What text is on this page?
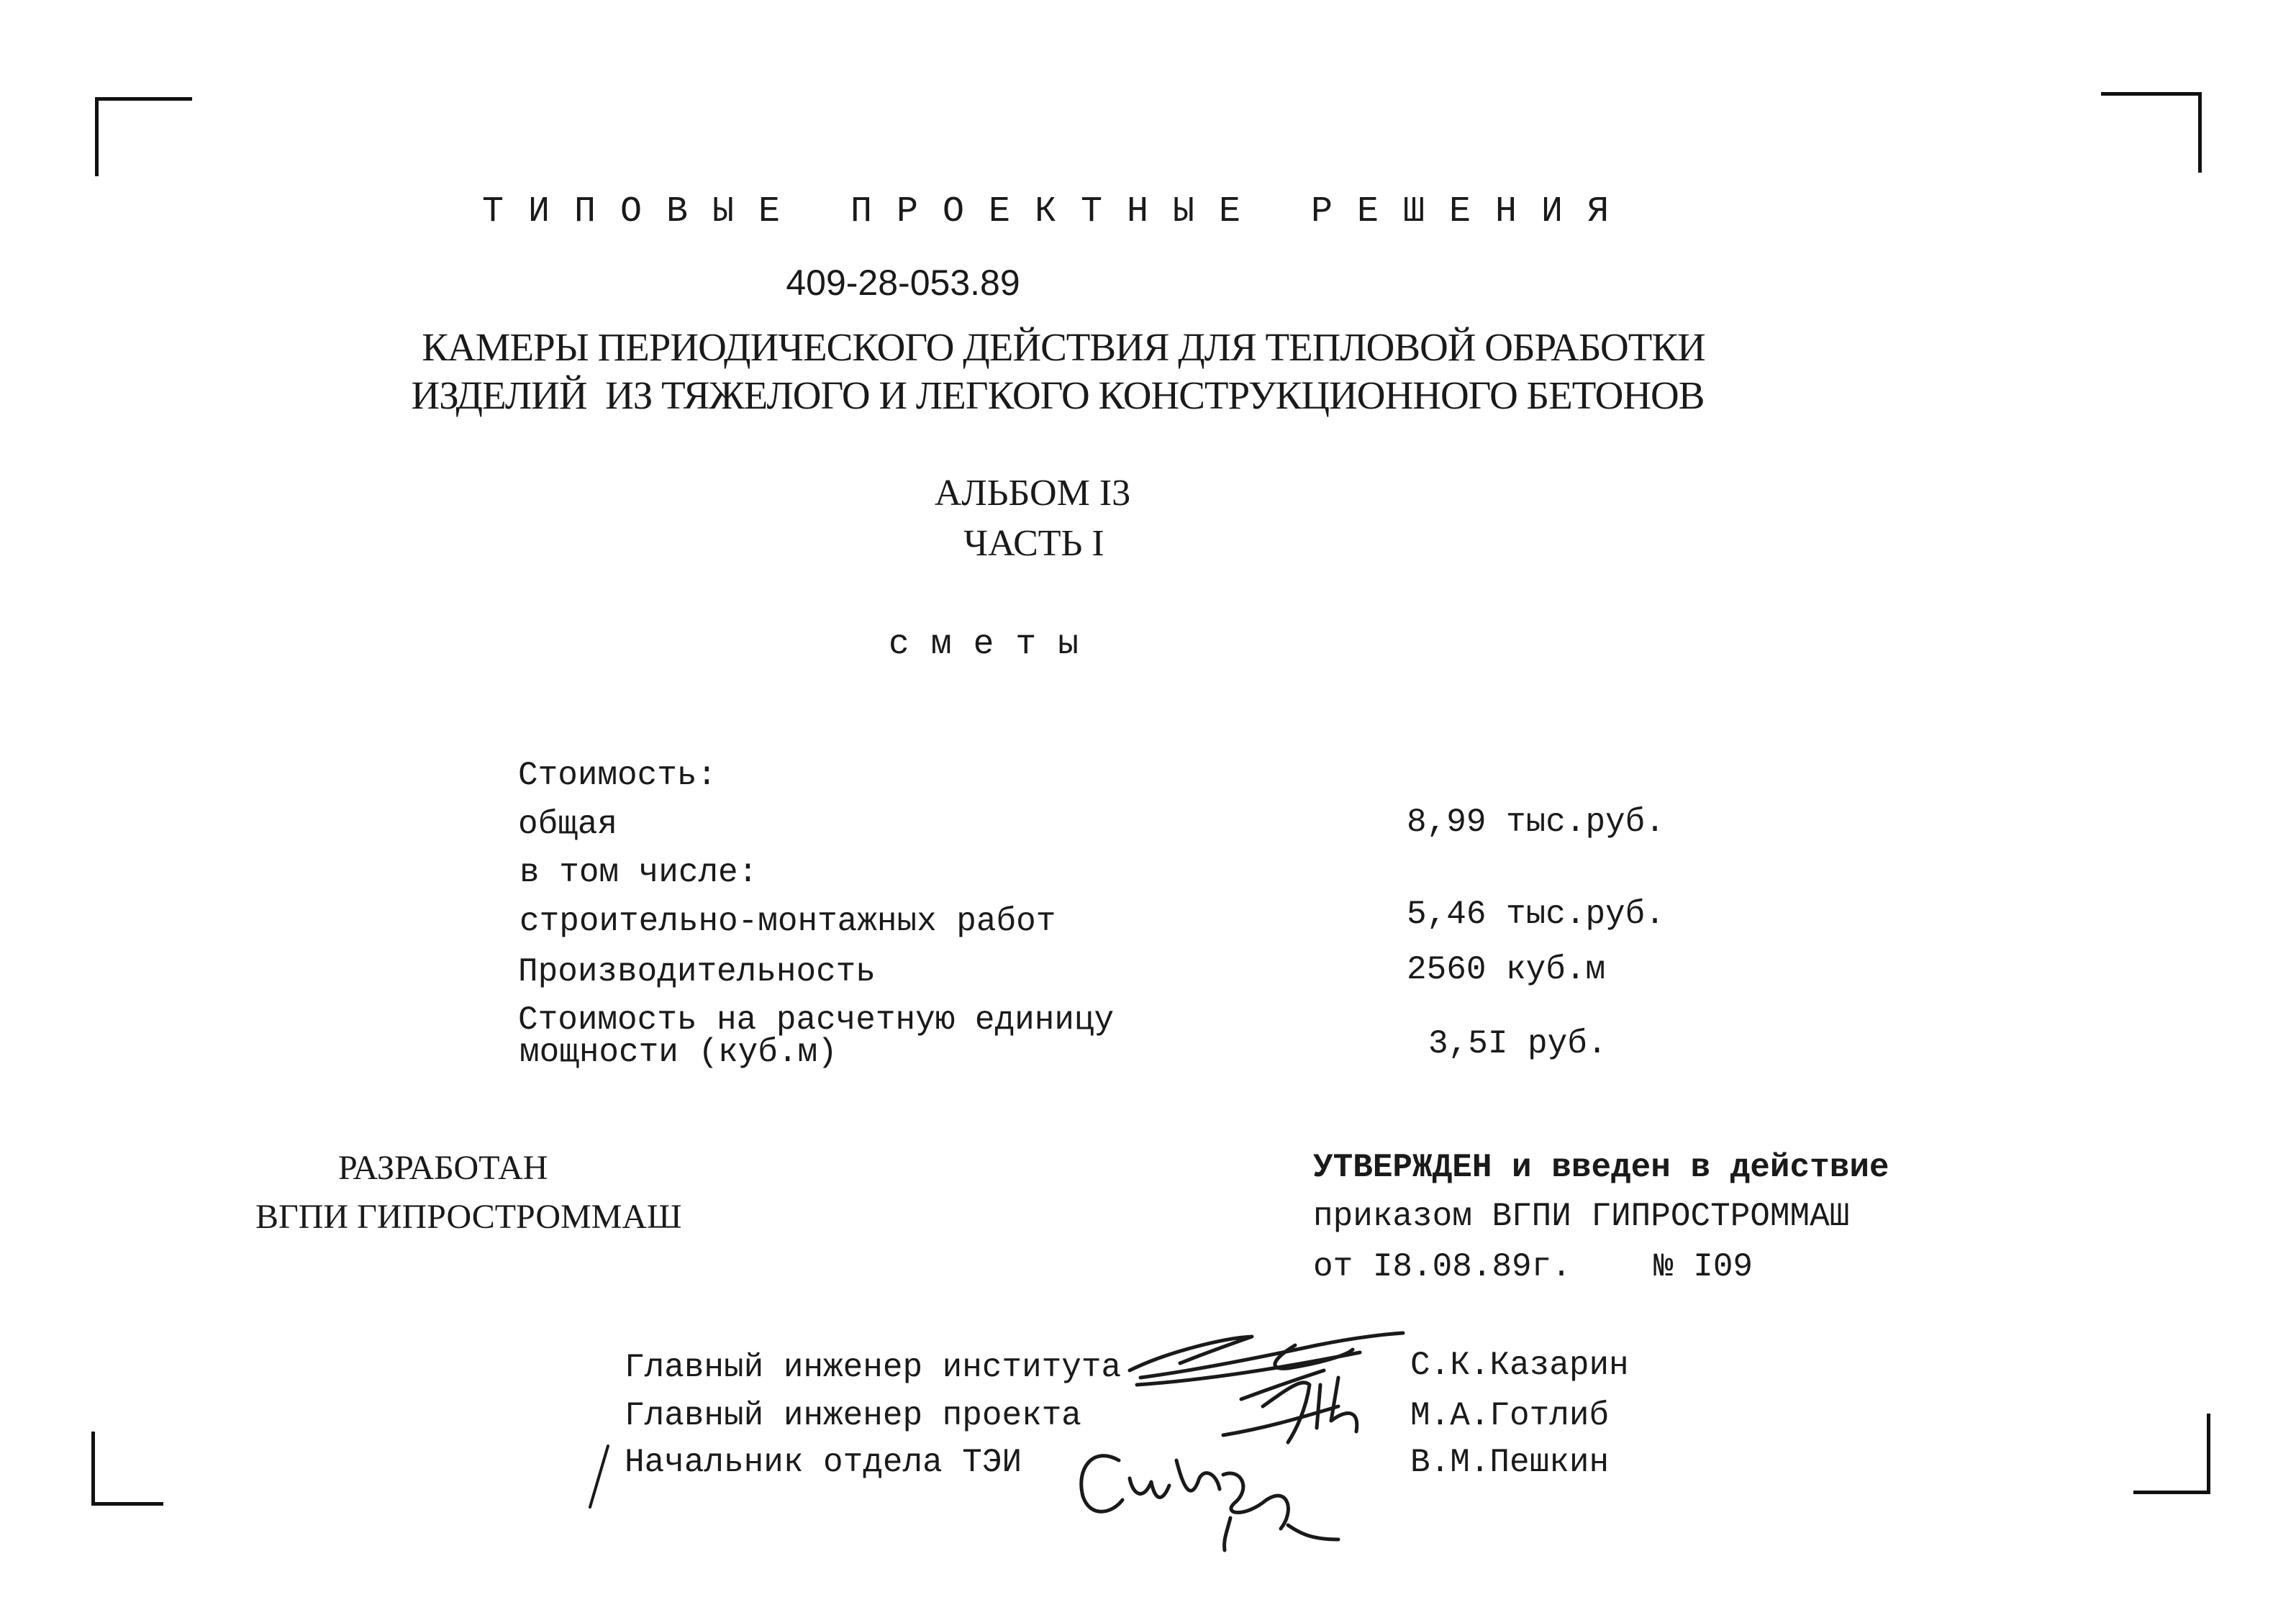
ТИПОВЫЕ ПРОЕКТНЫЕ РЕШЕНИЯ
409-28-053.89
КАМЕРЫ ПЕРИОДИЧЕСКОГО ДЕЙСТВИЯ ДЛЯ ТЕПЛОВОЙ ОБРАБОТКИ
ИЗДЕЛИЙ  ИЗ ТЯЖЕЛОГО И ЛЕГКОГО КОНСТРУКЦИОННОГО БЕТОНОВ
АЛЬБОМ I3
ЧАСТЬ I
сметы
Стоимость:
общая	8,99 тыс.руб.
в том числе:
строительно-монтажных работ	5,46 тыс.руб.
Производительность	2560 куб.м
Стоимость на расчетную единицу
мощности (куб.м)	3,5I руб.
РАЗРАБОТАН
ВГПИ ГИПРОСТРОММАШ
УТВЕРЖДЕН и введен в действие
приказом ВГПИ ГИПРОСТРОММАШ
от I8.08.89г. № I09
Главный инженер института	С.К.Казарин
Главный инженер проекта	М.А.Готлиб
Начальник отдела ТЭИ	В.М.Пешкин
